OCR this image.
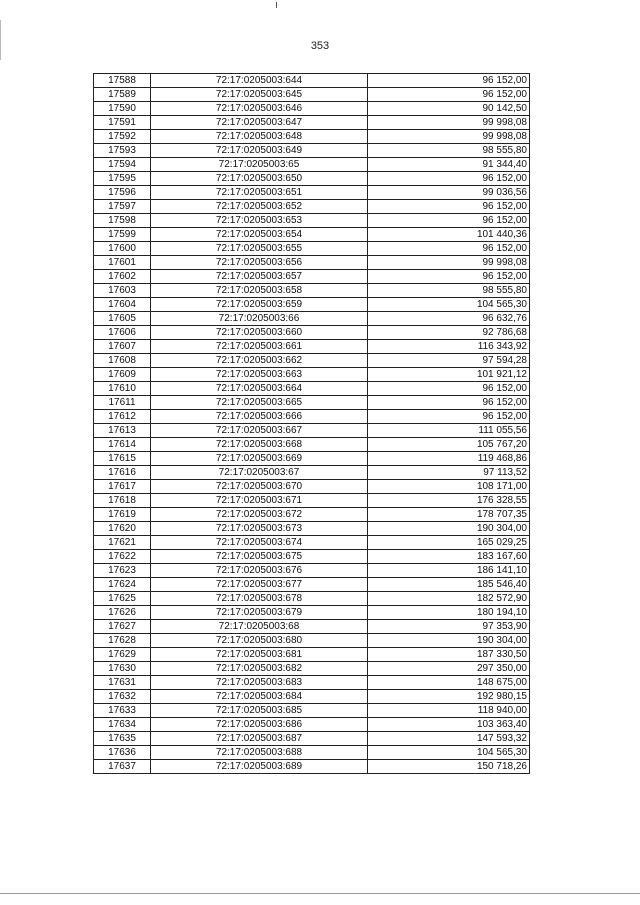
353
17588	72:17:0205003:644	96 152,00
17589	72:17:0205003:645	96 152,00
17590	72:17:0205003:646	90 142,50
17591	72:17:0205003:647	99 998,08
17592	72:17:0205003:648	99 998,08
17593	72:17:0205003:649	98 555,80
17594	72:17:0205003:65	91 344,40
17595	72:17:0205003:650	96 152,00
17596	72:17:0205003:651	99 036,56
17597	72:17:0205003:652	96 152,00
17598	72:17:0205003:653	96 152,00
17599	72:17:0205003:654	101 440,36
17600	72:17:0205003:655	96 152,00
17601	72:17:0205003:656	99 998,08
17602	72:17:0205003:657	96 152,00
17603	72:17:0205003:658	98 555,80
17604	72:17:0205003:659	104 565,30
17605	72:17:0205003:66	96 632,76
17606	72:17:0205003:660	92 786,68
17607	72:17:0205003:661	116 343,92
17608	72:17:0205003:662	97 594,28
17609	72:17:0205003:663	101 921,12
17610	72:17:0205003:664	96 152,00
17611	72:17:0205003:665	96 152,00
17612	72:17:0205003:666	96 152,00
17613	72:17:0205003:667	111 055,56
17614	72:17:0205003:668	105 767,20
17615	72:17:0205003:669	119 468,86
17616	72:17:0205003:67	97 113,52
17617	72:17:0205003:670	108 171,00
17618	72:17:0205003:671	176 328,55
17619	72:17:0205003:672	178 707,35
17620	72:17:0205003:673	190 304,00
17621	72:17:0205003:674	165 029,25
17622	72:17:0205003:675	183 167,60
17623	72:17:0205003:676	186 141,10
17624	72:17:0205003:677	185 546,40
17625	72:17:0205003:678	182 572,90
17626	72:17:0205003:679	180 194,10
17627	72:17:0205003:68	97 353,90
17628	72:17:0205003:680	190 304,00
17629	72:17:0205003:681	187 330,50
17630	72:17:0205003:682	297 350,00
17631	72:17:0205003:683	148 675,00
17632	72:17:0205003:684	192 980,15
17633	72:17:0205003:685	118 940,00
17634	72:17:0205003:686	103 363,40
17635	72:17:0205003:687	147 593,32
17636	72:17:0205003:688	104 565,30
17637	72:17:0205003:689	150 718,26
